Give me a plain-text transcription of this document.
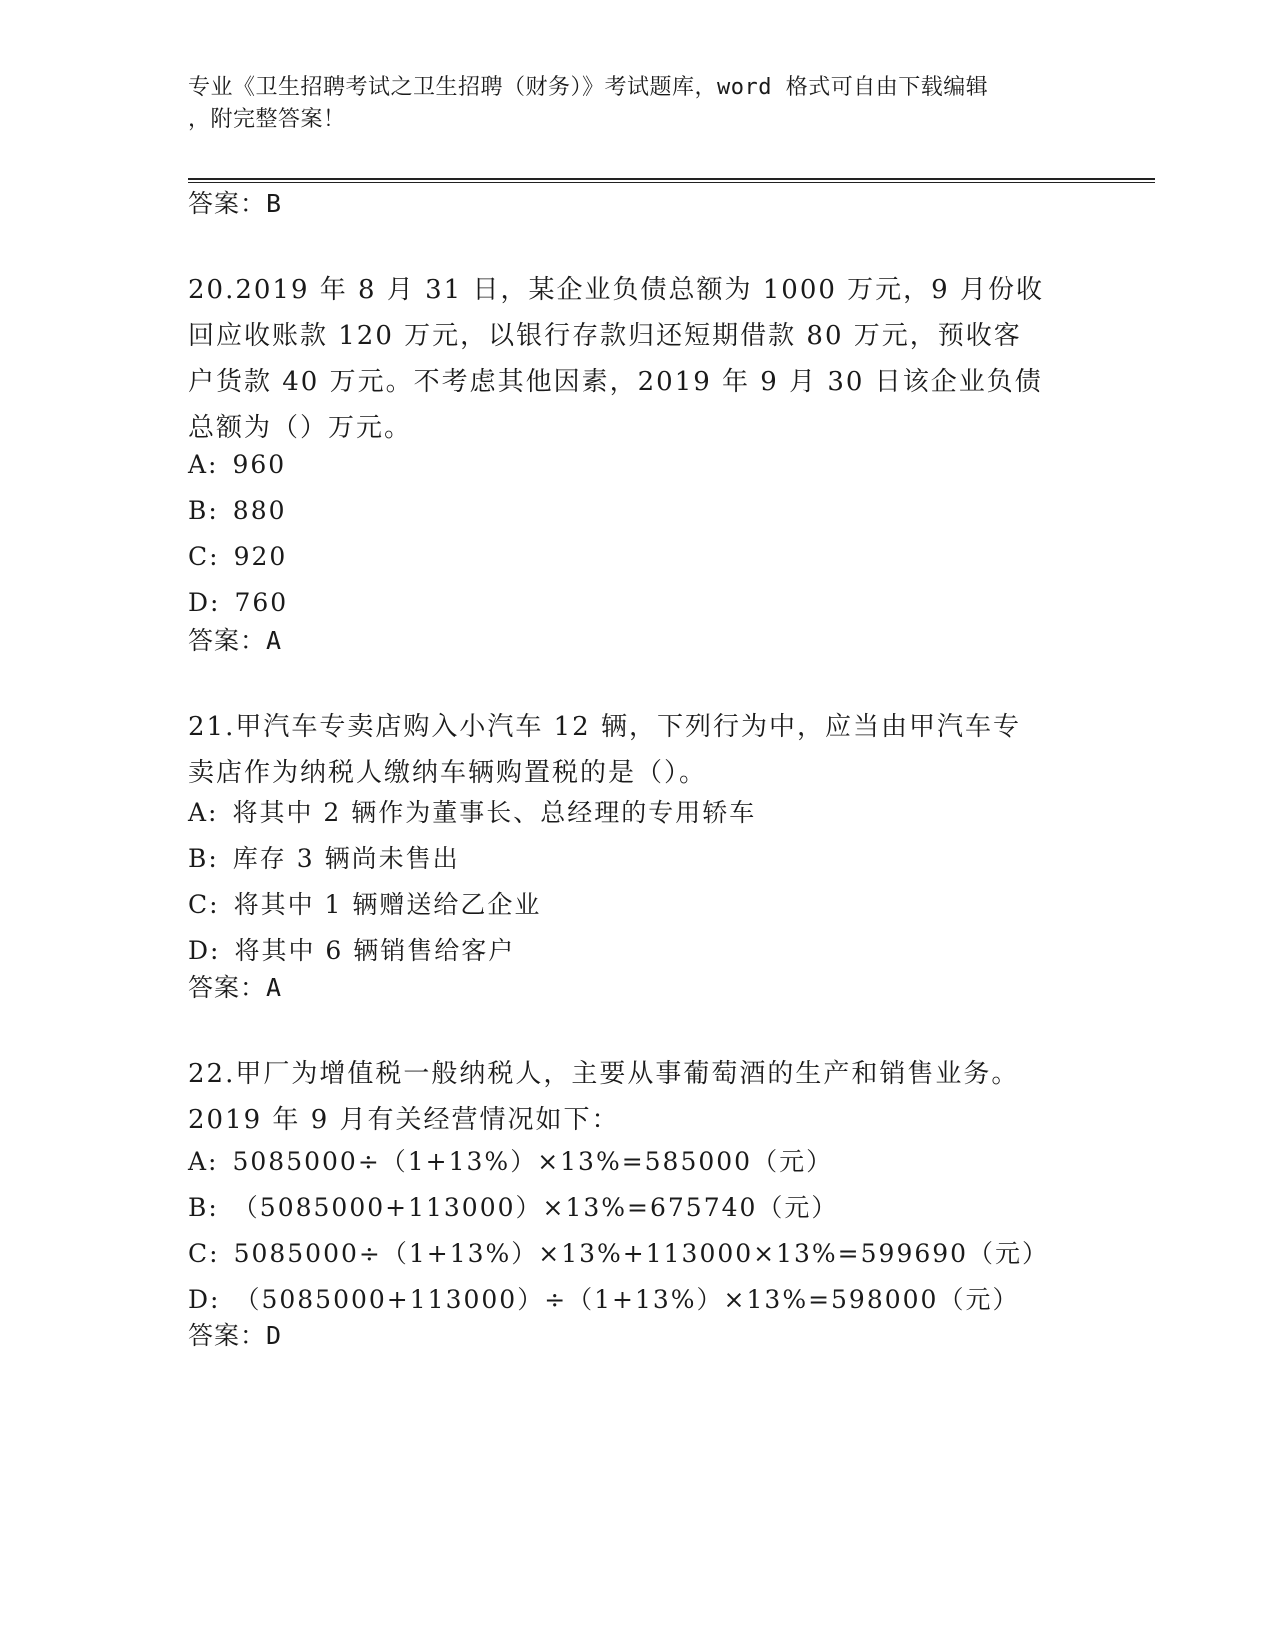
专业《卫生招聘考试之卫生招聘（财务）》考试题库，word 格式可自由下载编辑
，附完整答案！
答案：B

20.2019 年 8 月 31 日，某企业负债总额为 1000 万元，9 月份收回应收账款 120 万元，以银行存款归还短期借款 80 万元，预收客户货款 40 万元。不考虑其他因素，2019 年 9 月 30 日该企业负债总额为（）万元。

A: 960
B: 880
C: 920
D: 760
答案：A

21.甲汽车专卖店购入小汽车 12 辆，下列行为中，应当由甲汽车专卖店作为纳税人缴纳车辆购置税的是（）。

A: 将其中 2 辆作为董事长、总经理的专用轿车
B: 库存 3 辆尚未售出
C: 将其中 1 辆赠送给乙企业
D: 将其中 6 辆销售给客户
答案：A

22.甲厂为增值税一般纳税人，主要从事葡萄酒的生产和销售业务。2019 年 9 月有关经营情况如下：

A: 5085000÷（1+13%）×13%=585000（元）
B: （5085000+113000）×13%=675740（元）
C: 5085000÷（1+13%）×13%+113000×13%=599690（元）
D: （5085000+113000）÷（1+13%）×13%=598000（元）
答案：D
